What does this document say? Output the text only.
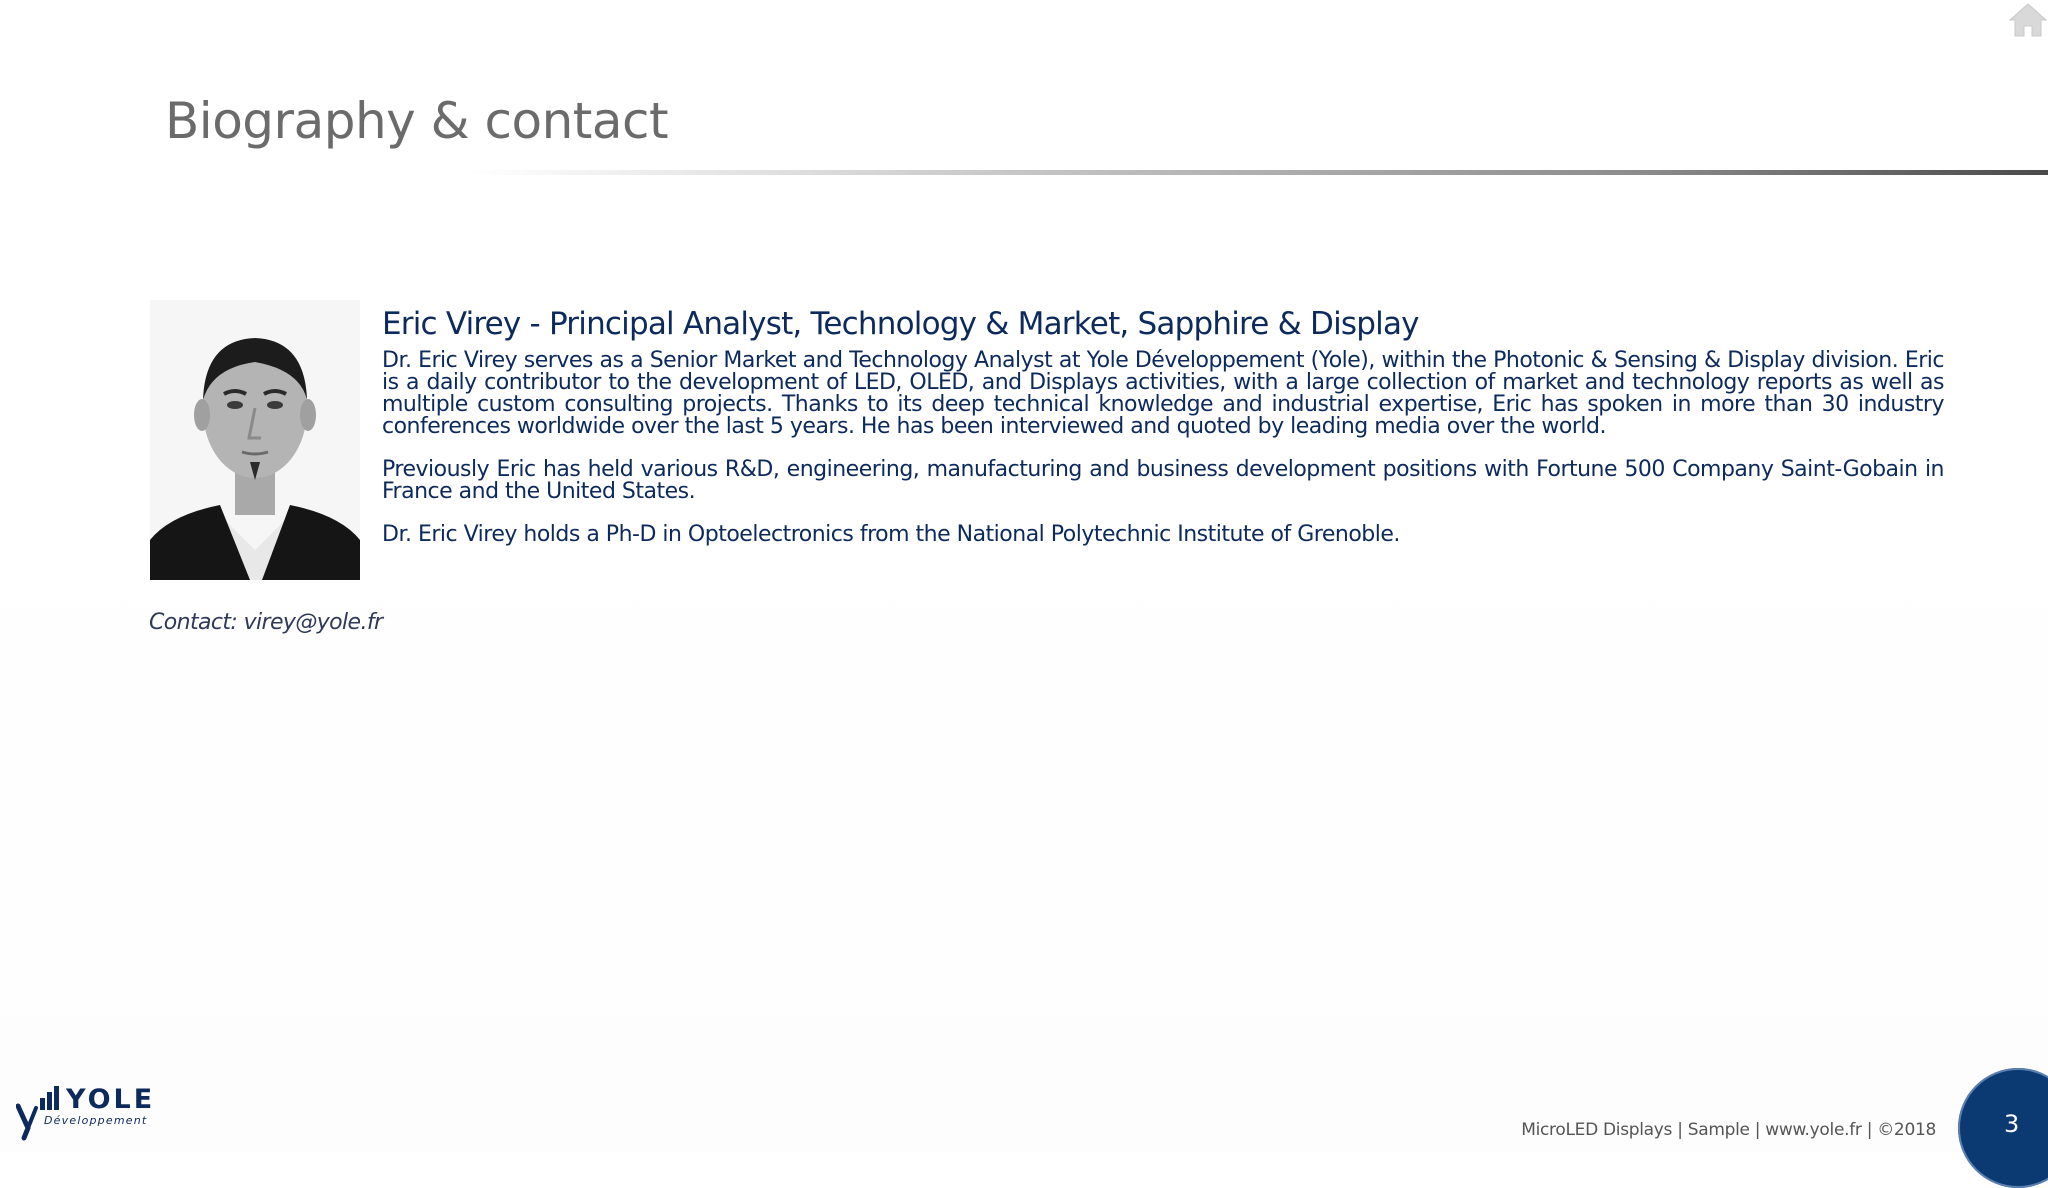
Biography & contact
Contact: virey@yole.fr
Eric Virey - Principal Analyst, Technology & Market, Sapphire & Display

Dr. Eric Virey serves as a Senior Market and Technology Analyst at Yole Développement (Yole), within the Photonic & Sensing & Display division. Eric is a daily contributor to the development of LED, OLED, and Displays activities, with a large collection of market and technology reports as well as multiple custom consulting projects. Thanks to its deep technical knowledge and industrial expertise, Eric has spoken in more than 30 industry conferences worldwide over the last 5 years. He has been interviewed and quoted by leading media over the world.

Previously Eric has held various R&D, engineering, manufacturing and business development positions with Fortune 500 Company Saint-Gobain in France and the United States.

Dr. Eric Virey holds a Ph-D in Optoelectronics from the National Polytechnic Institute of Grenoble.

YOLE
Développement	MicroLED Displays | Sample | www.yole.fr | ©2018	3
